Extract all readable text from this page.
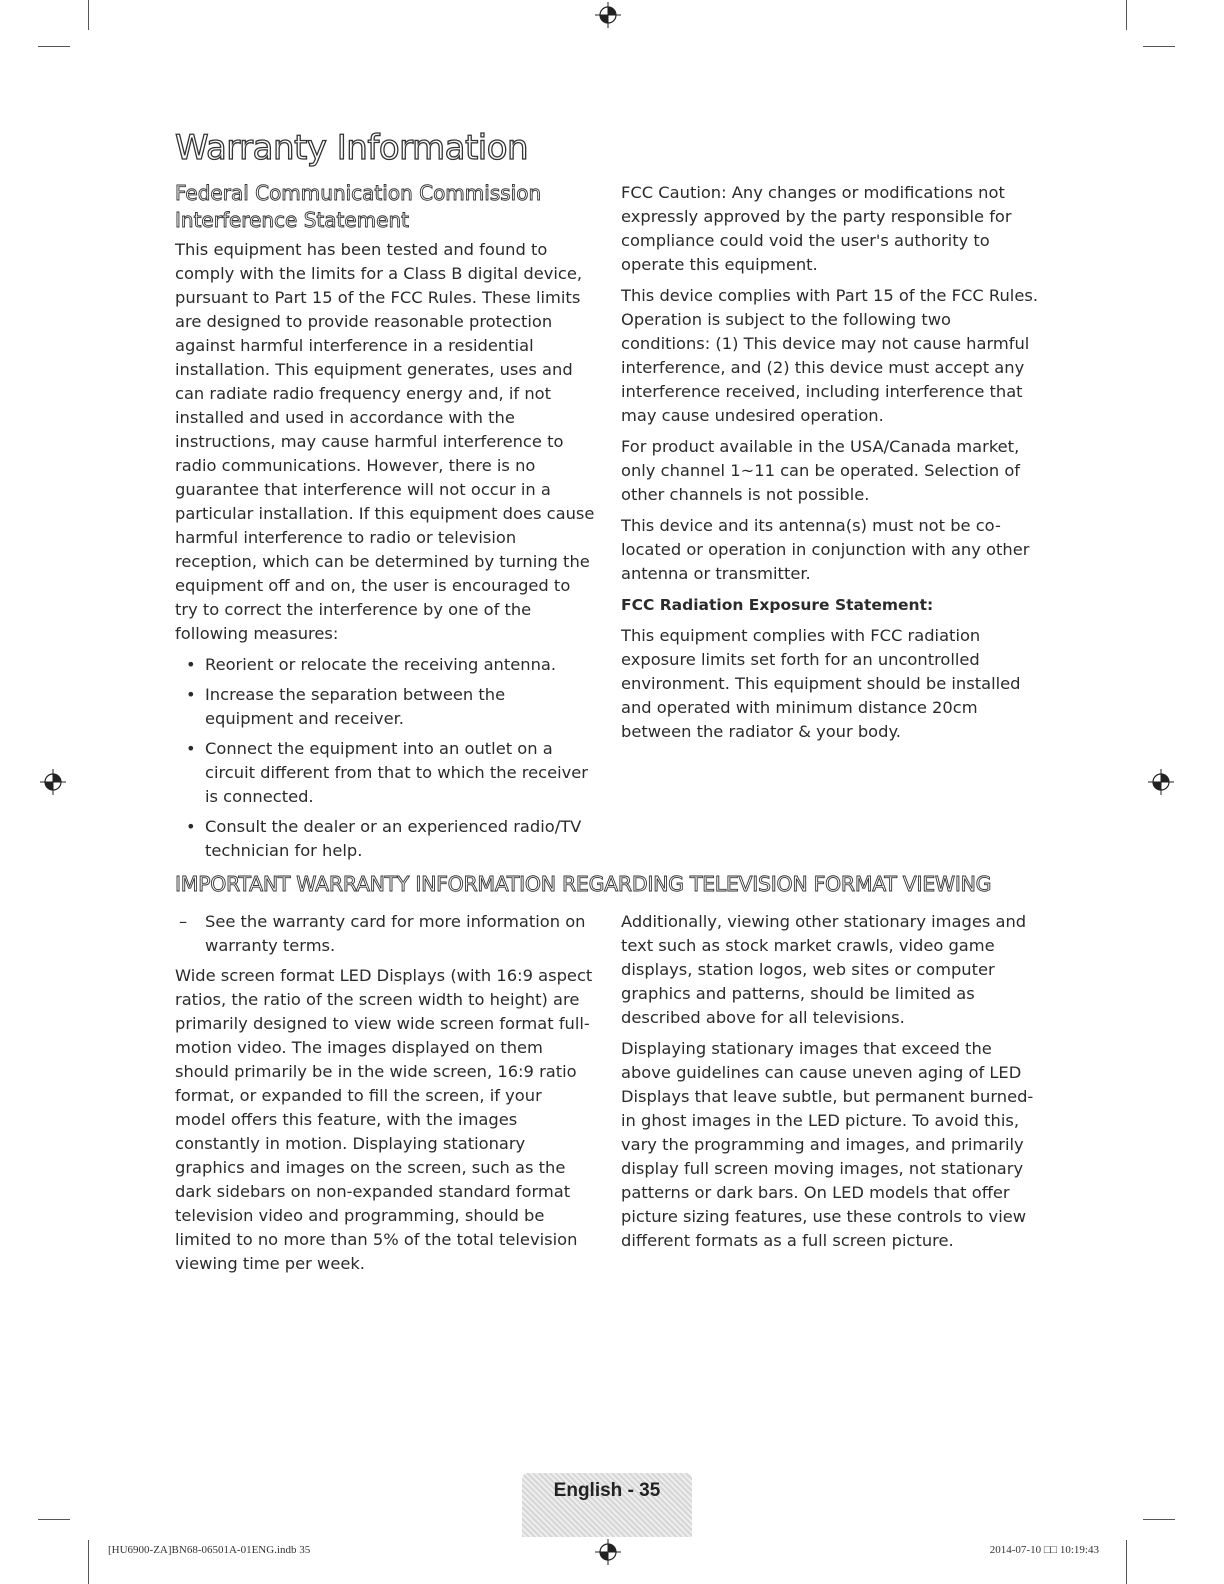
Warranty Information
Federal Communication Commission Interference Statement

This equipment has been tested and found to comply with the limits for a Class B digital device, pursuant to Part 15 of the FCC Rules. These limits are designed to provide reasonable protection against harmful interference in a residential installation. This equipment generates, uses and can radiate radio frequency energy and, if not installed and used in accordance with the instructions, may cause harmful interference to radio communications. However, there is no guarantee that interference will not occur in a particular installation. If this equipment does cause harmful interference to radio or television reception, which can be determined by turning the equipment off and on, the user is encouraged to try to correct the interference by one of the following measures:

• Reorient or relocate the receiving antenna.
• Increase the separation between the equipment and receiver.
• Connect the equipment into an outlet on a circuit different from that to which the receiver is connected.
• Consult the dealer or an experienced radio/TV technician for help.

FCC Caution: Any changes or modifications not expressly approved by the party responsible for compliance could void the user's authority to operate this equipment.

This device complies with Part 15 of the FCC Rules. Operation is subject to the following two conditions: (1) This device may not cause harmful interference, and (2) this device must accept any interference received, including interference that may cause undesired operation.

For product available in the USA/Canada market, only channel 1~11 can be operated. Selection of other channels is not possible.

This device and its antenna(s) must not be co-located or operation in conjunction with any other antenna or transmitter.

FCC Radiation Exposure Statement:

This equipment complies with FCC radiation exposure limits set forth for an uncontrolled environment. This equipment should be installed and operated with minimum distance 20cm between the radiator & your body.

IMPORTANT WARRANTY INFORMATION REGARDING TELEVISION FORMAT VIEWING
– See the warranty card for more information on warranty terms.

Wide screen format LED Displays (with 16:9 aspect ratios, the ratio of the screen width to height) are primarily designed to view wide screen format full-motion video. The images displayed on them should primarily be in the wide screen, 16:9 ratio format, or expanded to fill the screen, if your model offers this feature, with the images constantly in motion. Displaying stationary graphics and images on the screen, such as the dark sidebars on non-expanded standard format television video and programming, should be limited to no more than 5% of the total television viewing time per week.

Additionally, viewing other stationary images and text such as stock market crawls, video game displays, station logos, web sites or computer graphics and patterns, should be limited as described above for all televisions.

Displaying stationary images that exceed the above guidelines can cause uneven aging of LED Displays that leave subtle, but permanent burned-in ghost images in the LED picture. To avoid this, vary the programming and images, and primarily display full screen moving images, not stationary patterns or dark bars. On LED models that offer picture sizing features, use these controls to view different formats as a full screen picture.

English - 35
[HU6900-ZA]BN68-06501A-01ENG.indb 35	2014-07-10 □□ 10:19:43
